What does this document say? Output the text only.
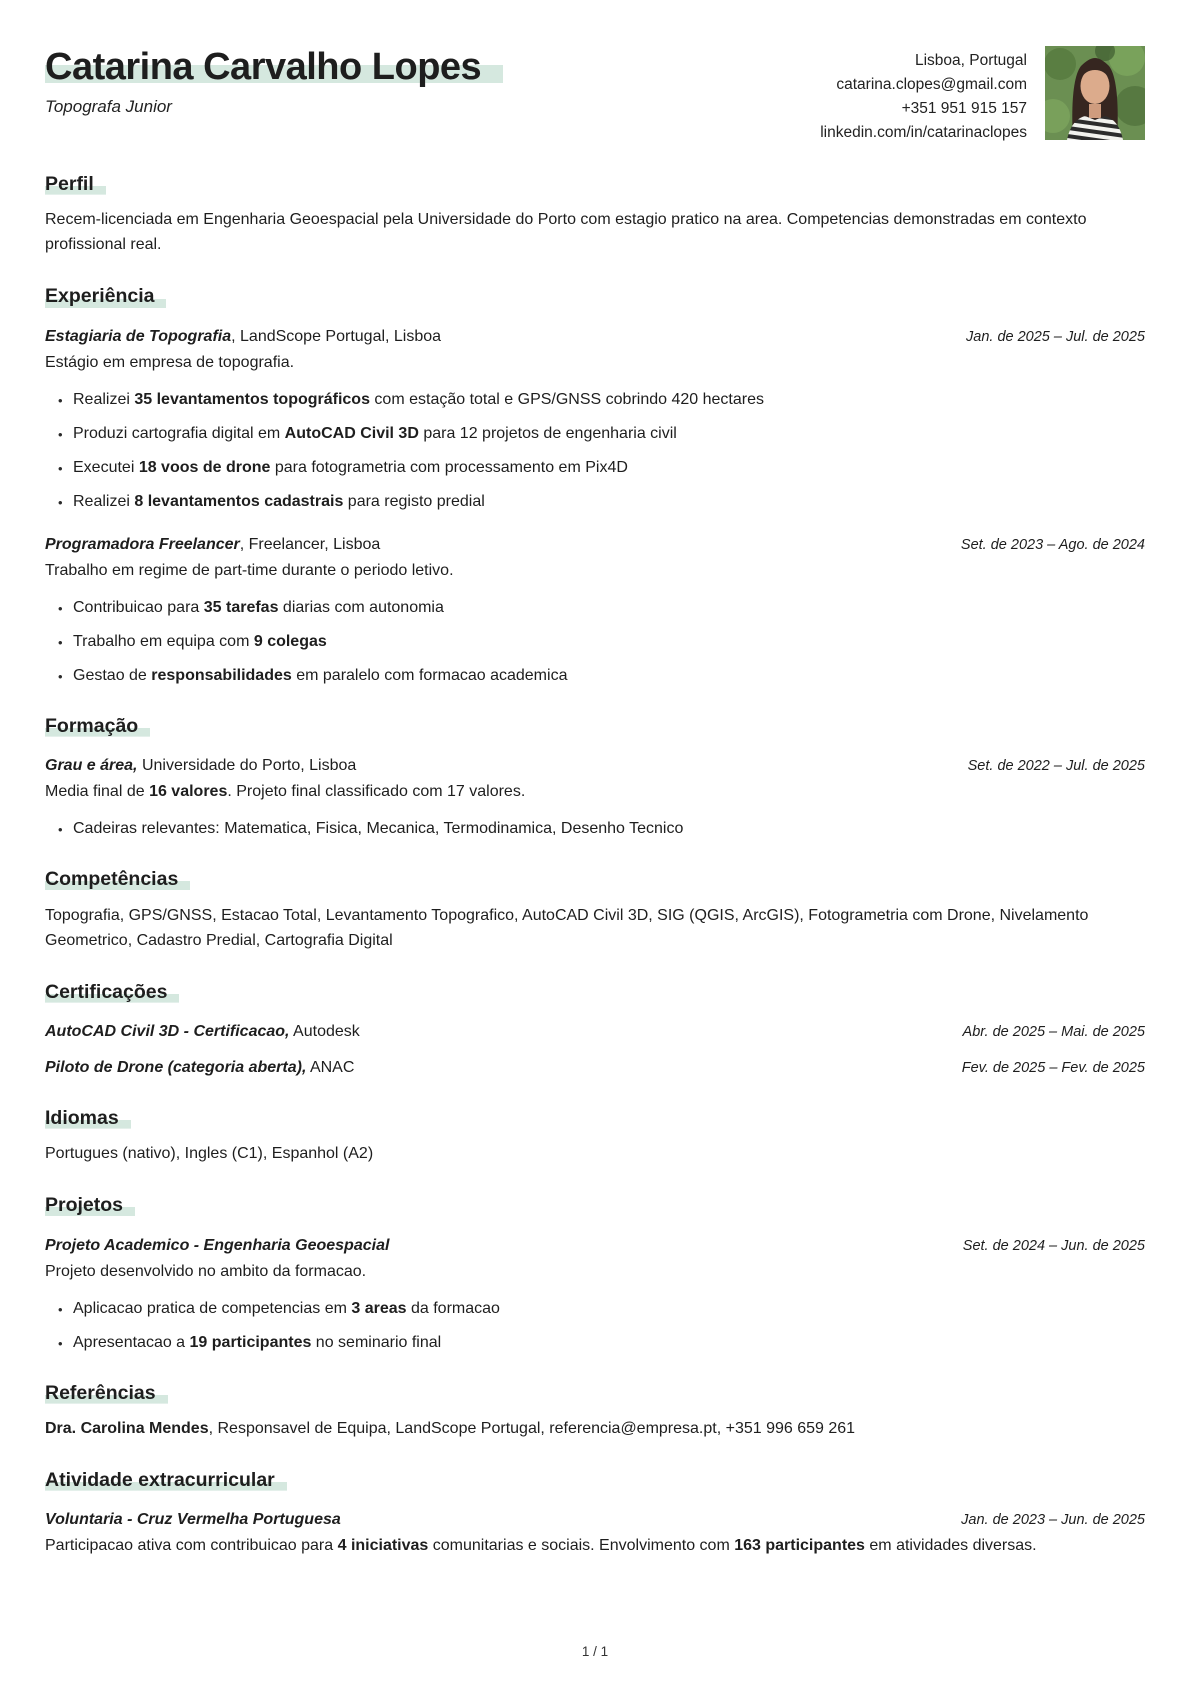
Catarina Carvalho Lopes
Topografa Junior
Lisboa, Portugal
catarina.clopes@gmail.com
+351 951 915 157
linkedin.com/in/catarinaclopes
Perfil

Recem-licenciada em Engenharia Geoespacial pela Universidade do Porto com estagio pratico na area. Competencias demonstradas em contexto profissional real.

Experiência
Estagiaria de Topografia, LandScope Portugal, Lisboa	Jan. de 2025 – Jul. de 2025
Estágio em empresa de topografia.
• Realizei 35 levantamentos topográficos com estação total e GPS/GNSS cobrindo 420 hectares
• Produzi cartografia digital em AutoCAD Civil 3D para 12 projetos de engenharia civil
• Executei 18 voos de drone para fotogrametria com processamento em Pix4D
• Realizei 8 levantamentos cadastrais para registo predial
Programadora Freelancer, Freelancer, Lisboa	Set. de 2023 – Ago. de 2024
Trabalho em regime de part-time durante o periodo letivo.
• Contribuicao para 35 tarefas diarias com autonomia
• Trabalho em equipa com 9 colegas
• Gestao de responsabilidades em paralelo com formacao academica
Formação
Grau e área, Universidade do Porto, Lisboa	Set. de 2022 – Jul. de 2025
Media final de 16 valores. Projeto final classificado com 17 valores.
• Cadeiras relevantes: Matematica, Fisica, Mecanica, Termodinamica, Desenho Tecnico
Competências

Topografia, GPS/GNSS, Estacao Total, Levantamento Topografico, AutoCAD Civil 3D, SIG (QGIS, ArcGIS), Fotogrametria com Drone, Nivelamento Geometrico, Cadastro Predial, Cartografia Digital

Certificações
AutoCAD Civil 3D - Certificacao, Autodesk	Abr. de 2025 – Mai. de 2025
Piloto de Drone (categoria aberta), ANAC	Fev. de 2025 – Fev. de 2025
Idiomas

Portugues (nativo), Ingles (C1), Espanhol (A2)

Projetos
Projeto Academico - Engenharia Geoespacial	Set. de 2024 – Jun. de 2025
Projeto desenvolvido no ambito da formacao.
• Aplicacao pratica de competencias em 3 areas da formacao
• Apresentacao a 19 participantes no seminario final
Referências

Dra. Carolina Mendes, Responsavel de Equipa, LandScope Portugal, referencia@empresa.pt, +351 996 659 261

Atividade extracurricular
Voluntaria - Cruz Vermelha Portuguesa	Jan. de 2023 – Jun. de 2025
Participacao ativa com contribuicao para 4 iniciativas comunitarias e sociais. Envolvimento com 163 participantes em atividades diversas.
1 / 1
